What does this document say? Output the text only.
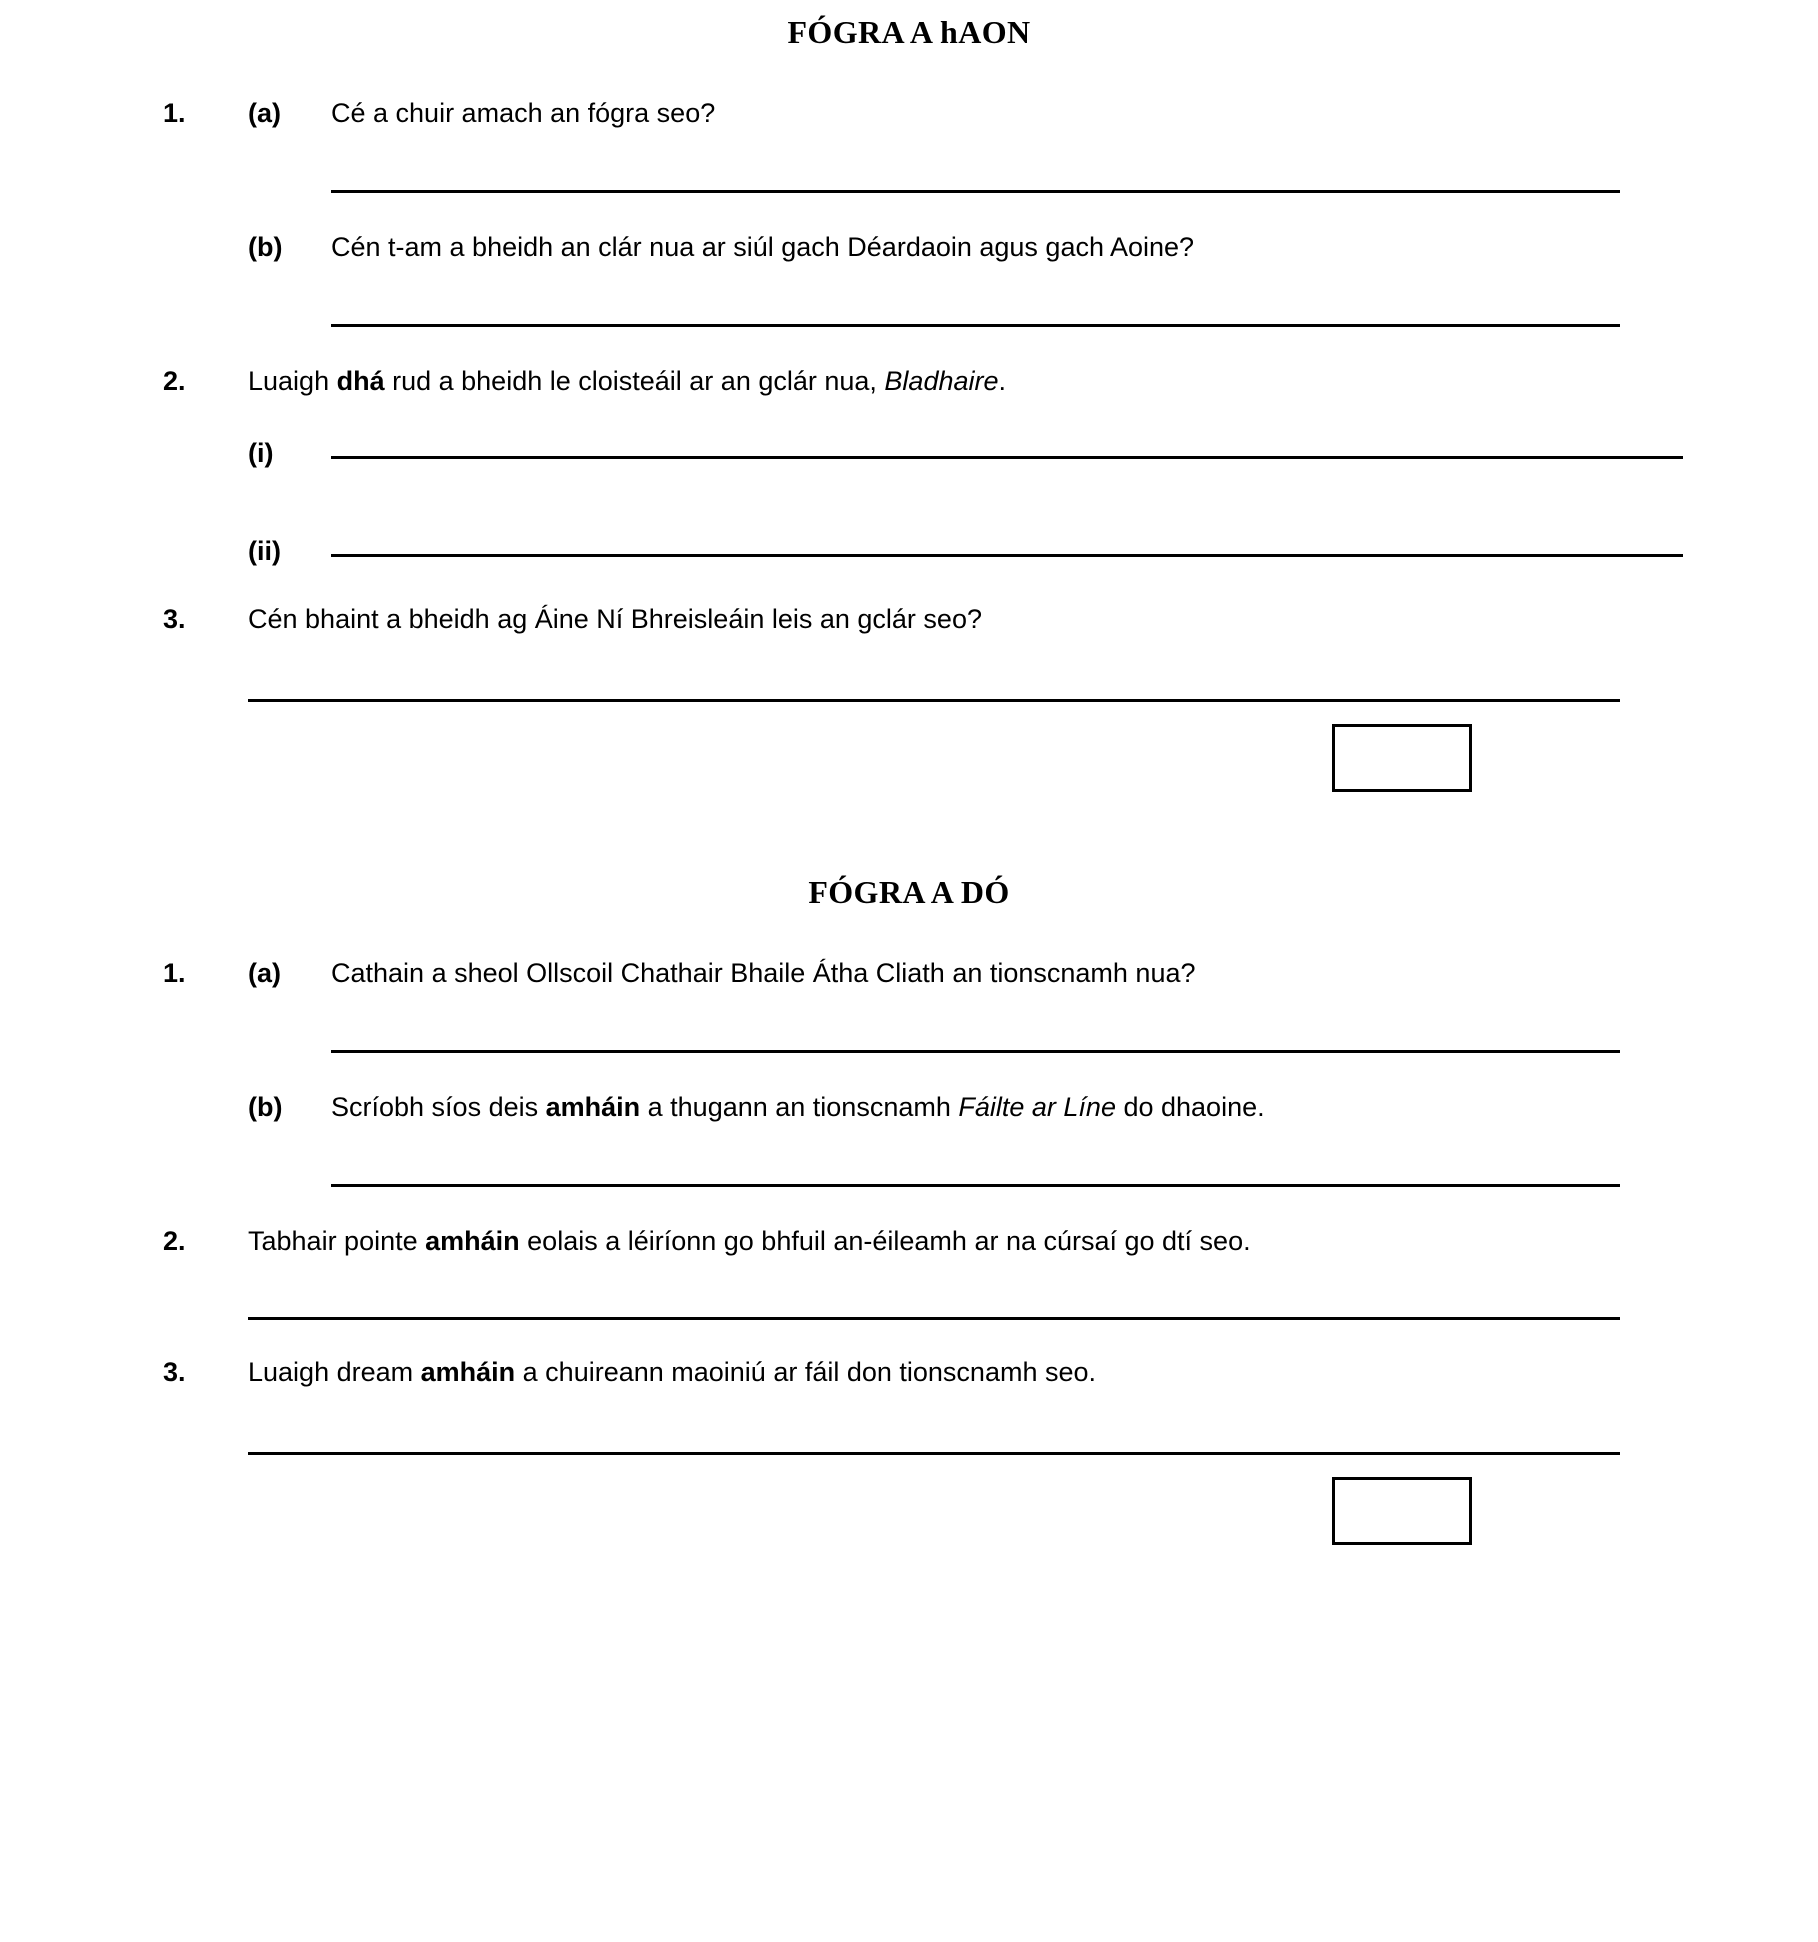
FÓGRA A hAON
1.	(a)	Cé a chuir amach an fógra seo?
(b)	Cén t-am a bheidh an clár nua ar siúl gach Déardaoin agus gach Aoine?
2.	Luaigh dhá rud a bheidh le cloisteáil ar an gclár nua, Bladhaire.
(i)
(ii)
3.	Cén bhaint a bheidh ag Áine Ní Bhreisleáin leis an gclár seo?
FÓGRA A DÓ
1.	(a)	Cathain a sheol Ollscoil Chathair Bhaile Átha Cliath an tionscnamh nua?
(b)	Scríobh síos deis amháin a thugann an tionscnamh Fáilte ar Líne do dhaoine.
2.	Tabhair pointe amháin eolais a léiríonn go bhfuil an-éileamh ar na cúrsaí go dtí seo.
3.	Luaigh dream amháin a chuireann maoiniú ar fáil don tionscnamh seo.
